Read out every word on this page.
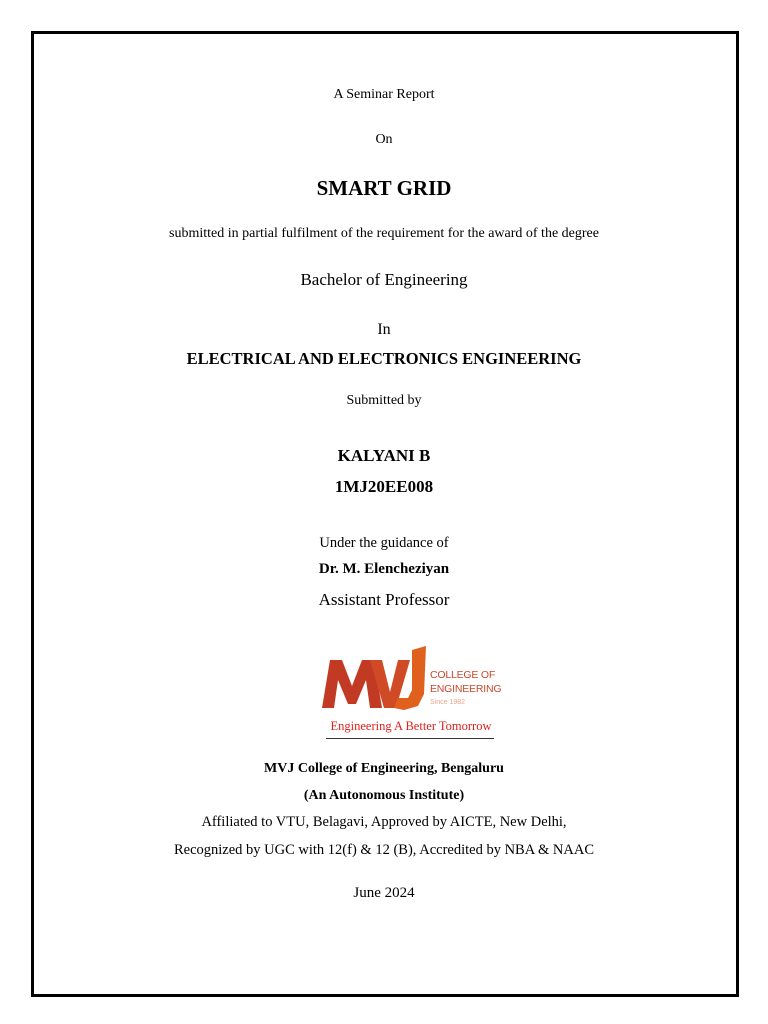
A Seminar Report

On

SMART GRID

submitted in partial fulfilment of the requirement for the award of the degree

Bachelor of Engineering

In

ELECTRICAL AND ELECTRONICS ENGINEERING

Submitted by

KALYANI B

1MJ20EE008

Under the guidance of

Dr. M. Elencheziyan

Assistant Professor

COLLEGE OF
ENGINEERING
Since 1982
Engineering A Better Tomorrow

MVJ College of Engineering, Bengaluru

(An Autonomous Institute)

Affiliated to VTU, Belagavi, Approved by AICTE, New Delhi,

Recognized by UGC with 12(f) & 12 (B), Accredited by NBA & NAAC

June 2024
